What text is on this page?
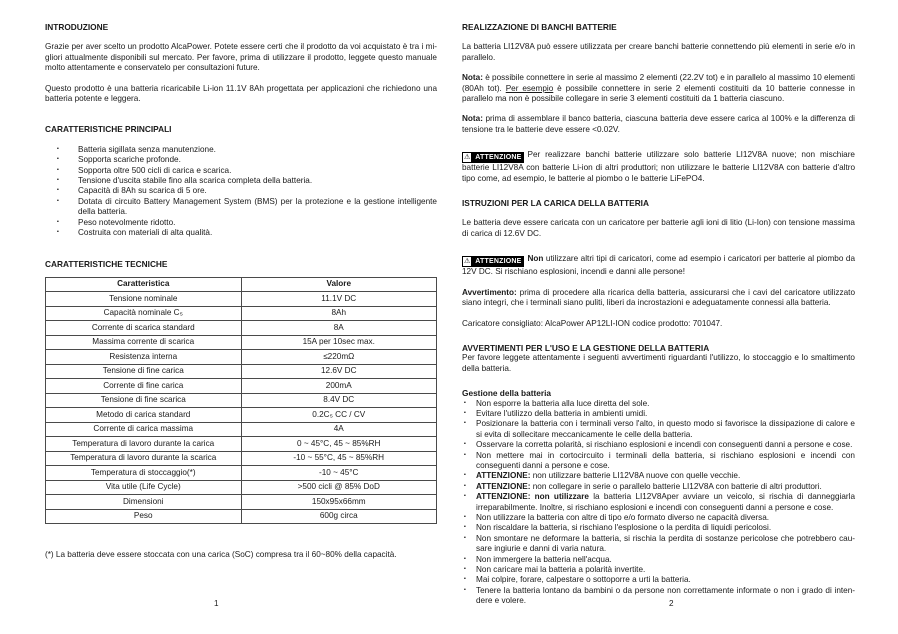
INTRODUZIONE

Grazie per aver scelto un prodotto AlcaPower. Potete essere certi che il prodotto da voi acquistato è tra i migliori attualmente disponibili sul mercato. Per favore, prima di utilizzare il prodotto, leggete questo manuale molto attentamente e conservatelo per consultazioni future.

Questo prodotto è una batteria ricaricabile Li-ion 11.1V 8Ah progettata per applicazioni che richiedono una batteria potente e leggera.

CARATTERISTICHE PRINCIPALI
▪ Batteria sigillata senza manutenzione.
▪ Sopporta scariche profonde.
▪ Sopporta oltre 500 cicli di carica e scarica.
▪ Tensione d'uscita stabile fino alla scarica completa della batteria.
▪ Capacità di 8Ah su scarica di 5 ore.
▪ Dotata di circuito Battery Management System (BMS) per la protezione e la gestione intelligente della batteria.
▪ Peso notevolmente ridotto.
▪ Costruita con materiali di alta qualità.
CARATTERISTICHE TECNICHE
Caratteristica	Valore
Tensione nominale	11.1V DC
Capacità nominale C₅	8Ah
Corrente di scarica standard	8A
Massima corrente di scarica	15A per 10sec max.
Resistenza interna	≤220mΩ
Tensione di fine carica	12.6V DC
Corrente di fine carica	200mA
Tensione di fine scarica	8.4V DC
Metodo di carica standard	0.2C₅ CC / CV
Corrente di carica massima	4A
Temperatura di lavoro durante la carica	0 ~ 45°C, 45 ~ 85%RH
Temperatura di lavoro durante la scarica	-10 ~ 55°C, 45 ~ 85%RH
Temperatura di stoccaggio(*)	-10 ~ 45°C
Vita utile (Life Cycle)	>500 cicli @ 85% DoD
Dimensioni	150x95x66mm
Peso	600g circa

(*) La batteria deve essere stoccata con una carica (SoC) compresa tra il 60~80% della capacità.

REALIZZAZIONE DI BANCHI BATTERIE

La batteria LI12V8A può essere utilizzata per creare banchi batterie connettendo più elementi in serie e/o in parallelo.

Nota: è possibile connettere in serie al massimo 2 elementi (22.2V tot) e in parallelo al massimo 10 elementi (80Ah tot). Per esempio è possibile connettere in serie 2 elementi costituiti da 10 batterie connesse in parallelo ma non è possibile collegare in serie 3 elementi costituiti da 1 batteria ciascuno.

Nota: prima di assemblare il banco batteria, ciascuna batteria deve essere carica al 100% e la differenza di tensione tra le batterie deve essere <0.02V.

⚠ ATTENZIONE Per realizzare banchi batterie utilizzare solo batterie LI12V8A nuove; non mischiare batterie LI12V8A con batterie Li-ion di altri produttori; non utilizzare le batterie LI12V8A con batterie d'altro tipo come, ad esempio, le batterie al piombo o le batterie LiFePO4.

ISTRUZIONI PER LA CARICA DELLA BATTERIA

Le batteria deve essere caricata con un caricatore per batterie agli ioni di litio (Li-Ion) con tensione massima di carica di 12.6V DC.

⚠ ATTENZIONE Non utilizzare altri tipi di caricatori, come ad esempio i caricatori per batterie al piombo da 12V DC. Si rischiano esplosioni, incendi e danni alle persone!

Avvertimento: prima di procedere alla ricarica della batteria, assicurarsi che i cavi del caricatore utilizzato siano integri, che i terminali siano puliti, liberi da incrostazioni e adeguatamente connessi alla batteria.

Caricatore consigliato: AlcaPower AP12LI-ION codice prodotto: 701047.

AVVERTIMENTI PER L'USO E LA GESTIONE DELLA BATTERIA

Per favore leggete attentamente i seguenti avvertimenti riguardanti l'utilizzo, lo stoccaggio e lo smaltimento della batteria.

Gestione della batteria
▪ Non esporre la batteria alla luce diretta del sole.
▪ Evitare l'utilizzo della batteria in ambienti umidi.
▪ Posizionare la batteria con i terminali verso l'alto, in questo modo si favorisce la dissipazione di calore e si evita di sollecitare meccanicamente le celle della batteria.
▪ Osservare la corretta polarità, si rischiano esplosioni e incendi con conseguenti danni a persone e cose.
▪ Non mettere mai in cortocircuito i terminali della batteria, si rischiano esplosioni e incendi con conseguenti danni a persone e cose.
▪ ATTENZIONE: non utilizzare batterie LI12V8A nuove con quelle vecchie.
▪ ATTENZIONE: non collegare in serie o parallelo batterie LI12V8A con batterie di altri produttori.
▪ ATTENZIONE: non utilizzare la batteria LI12V8Aper avviare un veicolo, si rischia di danneggiarla irreparabilmente. Inoltre, si rischiano esplosioni e incendi con conseguenti danni a persone e cose.
▪ Non utilizzare la batteria con altre di tipo e/o formato diverso ne capacità diversa.
▪ Non riscaldare la batteria, si rischiano l'esplosione o la perdita di liquidi pericolosi.
▪ Non smontare ne deformare la batteria, si rischia la perdita di sostanze pericolose che potrebbero causare ingiurie e danni di varia natura.
▪ Non immergere la batteria nell'acqua.
▪ Non caricare mai la batteria a polarità invertite.
▪ Mai colpire, forare, calpestare o sottoporre a urti la batteria.
▪ Tenere la batteria lontano da bambini o da persone non correttamente informate o non i grado di intendere e volere.
1	2
